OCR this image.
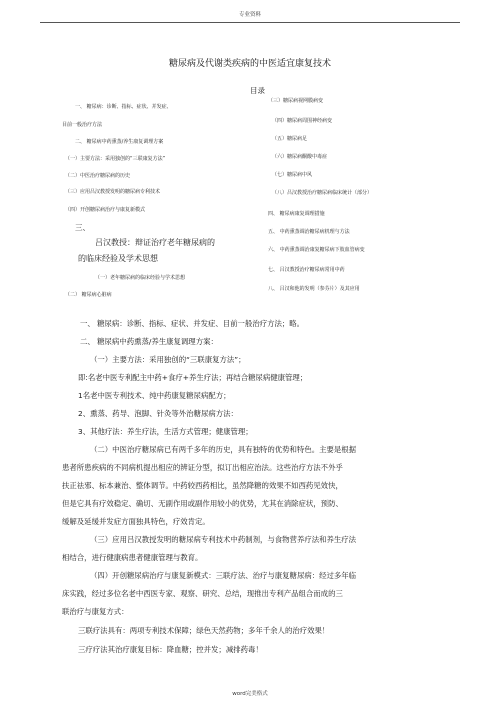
专业资料
糖尿病及代谢类疾病的中医适宜康复技术
目录
一、 糖尿病：诊断、指标、症状、并发症、
目前一般治疗方法
二、 糖尿病中药熏蒸/养生康复调理方案
（一）主要方法：采用独创的“三联康复方法”
（二）中医治疗糖尿病的历史
（三）应用吕汉教授发明的糖尿病专利技术
（四）开创糖尿病治疗与康复新模式
三、
吕汉教授：辩证治疗老年糖尿病的
的临床经验及学术思想
（一）老年糖尿病的临床经验与学术思想
（二） 糖尿病心脏病
（三）糖尿病视网膜病变
（四）糖尿病周围神经病变
（五）糖尿病足
（六）糖尿病酮酸中毒症
（七）糖尿病中风
（八）吕汉教授治疗糖尿病临床统计（部分）
四、 糖尿病康复调理措施
五、 中药熏蒸调治糖尿病机理与方法
六、 中药熏蒸调治康复糖尿病下肢血管病变
七、 吕汉教授治疗糖尿病常用中药
八、 吕汉和他的发明（参芬片）及其应用
一、 糖尿病：诊断、指标、症状、并发症、目前一般治疗方法；略。
二、 糖尿病中药熏蒸/养生康复调理方案：
（一）主要方法：采用独创的“三联康复方法”；
即:名老中医专利配主中药+食疗+养生疗法；再结合糖尿病健康管理；
1名老中医专利技术、纯中药康复糖尿病配方；
2、熏蒸、药导、泡脚、针灸等外治糖尿病方法：
3、其他疗法：养生疗法，生活方式管理；健康管理；
（二）中医治疗糖尿病已有两千多年的历史，具有独特的优势和特色。主要是根据
患者所患疾病的不同病机提出相应的辨证分型，拟订出相应治法。这些治疗方法不外乎
扶正祛邪、标本兼治、整体调节。中药较西药相比，虽然降糖的效果不如西药见效快，
但是它具有疗效稳定、确切、无副作用或副作用较小的优势，尤其在消除症状，预防、
缓解及延缓并发症方面独具特色，疗效肯定。
（三）应用吕汉教授发明的糖尿病专利技术中药制剂，与食物营养疗法和养生疗法
相结合，进行健康病患者健康管理与教育。
（四）开创糖尿病治疗与康复新模式：三联疗法、治疗与康复糖尿病：经过多年临
床实践，经过多位名老中西医专家、观察、研究、总结，现推出专利产品组合而成的三
联治疗与康复方式：
三联疗法具有：两项专利技术保障；绿色天然药物；多年千余人的治疗效果！
三疗疗法其治疗康复目标：降血糖；控并发；减排药毒！
word完美格式
